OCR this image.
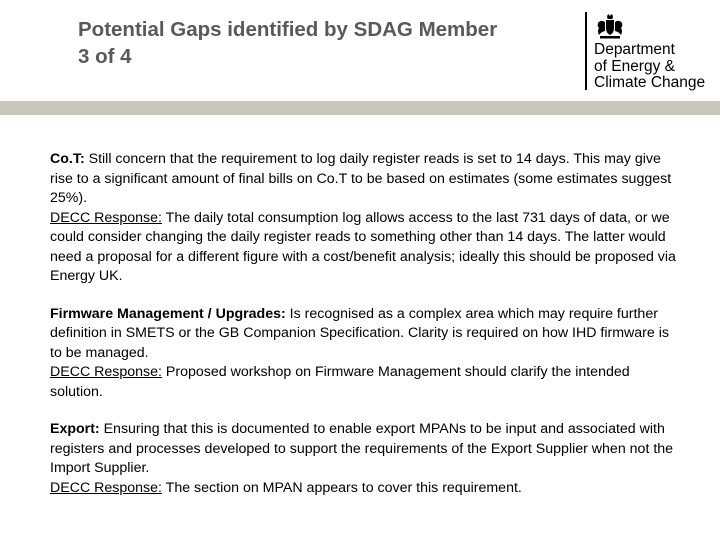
Potential Gaps identified by SDAG Member
3 of 4	Department
of Energy &
Climate Change
Co.T: Still concern that the requirement to log daily register reads is set to 14 days. This may give rise to a significant amount of final bills on Co.T to be based on estimates (some estimates suggest 25%).
DECC Response: The daily total consumption log allows access to the last 731 days of data, or we could consider changing the daily register reads to something other than 14 days. The latter would need a proposal for a different figure with a cost/benefit analysis; ideally this should be proposed via Energy UK.
Firmware Management / Upgrades: Is recognised as a complex area which may require further definition in SMETS or the GB Companion Specification. Clarity is required on how IHD firmware is to be managed.
DECC Response: Proposed workshop on Firmware Management should clarify the intended solution.
Export: Ensuring that this is documented to enable export MPANs to be input and associated with registers and processes developed to support the requirements of the Export Supplier when not the Import Supplier.
DECC Response: The section on MPAN appears to cover this requirement.
